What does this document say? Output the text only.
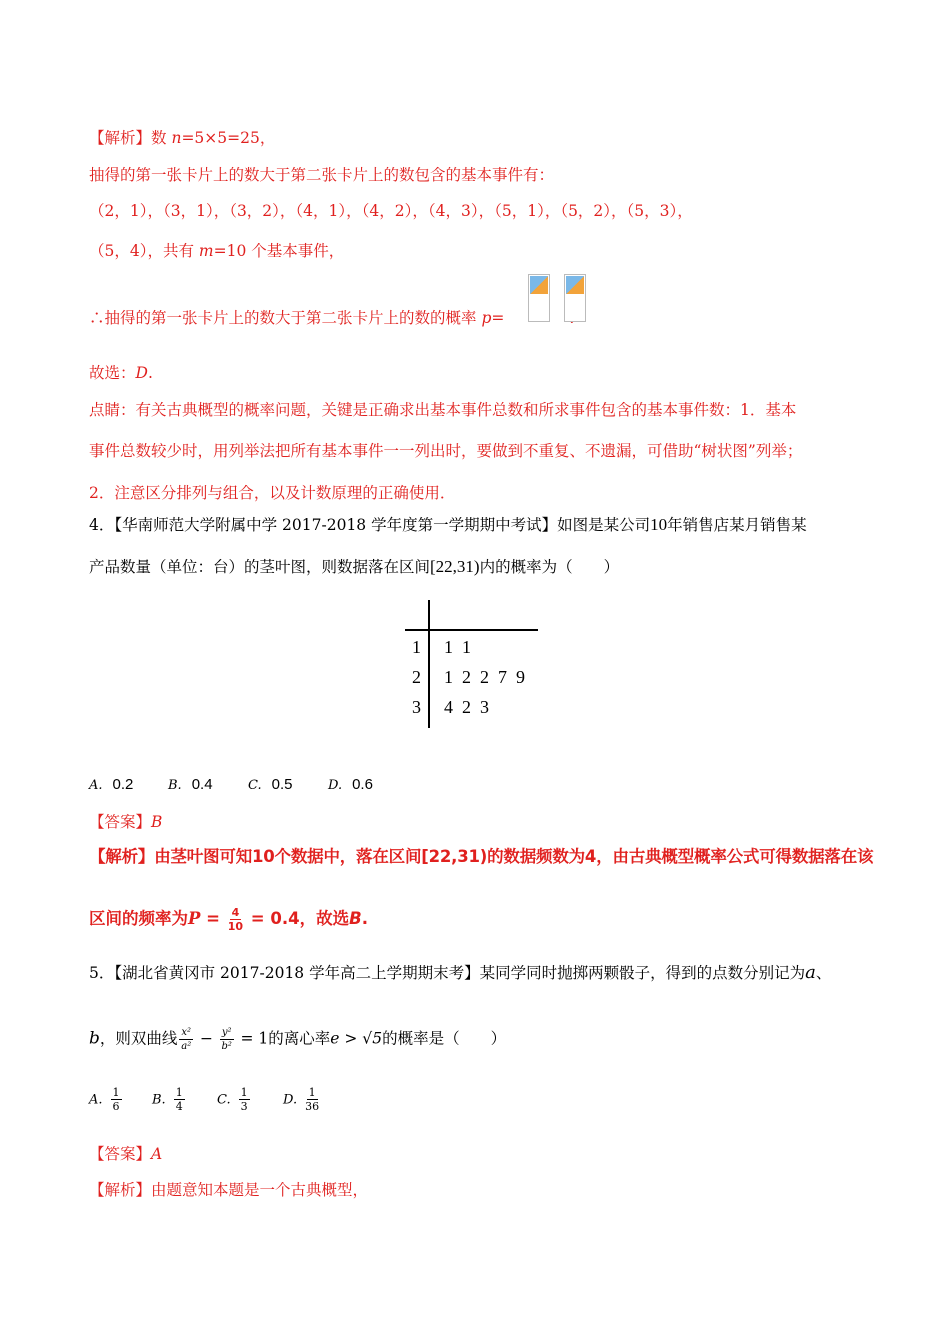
【解析】数 n=5×5=25，
抽得的第一张卡片上的数大于第二张卡片上的数包含的基本事件有：
（2，1），（3，1），（3，2），（4，1），（4，2），（4，3），（5，1），（5，2），（5，3），
（5，4），共有 m=10 个基本事件，
∴抽得的第一张卡片上的数大于第二张卡片上的数的概率 p=
故选：D.
点睛：有关古典概型的概率问题，关键是正确求出基本事件总数和所求事件包含的基本事件数：1．基本
事件总数较少时，用列举法把所有基本事件一一列出时，要做到不重复、不遗漏，可借助“树状图”列举；
2．注意区分排列与组合，以及计数原理的正确使用．
4．【华南师范大学附属中学 2017-2018 学年度第一学期期中考试】如图是某公司10年销售店某月销售某
产品数量（单位：台）的茎叶图，则数据落在区间[22,31)内的概率为（　　）
1 1  1
2 1  2  2  7  9
3 4  2  3
A. 0.2	B. 0.4	C. 0.5	D. 0.6
【答案】B
【解析】由茎叶图可知10个数据中，落在区间[22,31)的数据频数为4，由古典概型概率公式可得数据落在该
区间的频率为$P = \frac{4}{10} = 0.4$，故选B.
5．【湖北省黄冈市 2017-2018 学年高二上学期期末考】某同学同时抛掷两颗骰子，得到的点数分别记为a、
b，则双曲线 $\frac{\text{x²}}{\text{a²}} - \frac{\text{y²}}{\text{b²}} = 1$的离心率e > √5的概率是（　　）
A. $\frac{1}{6} B$. $\frac{1}{4} C$. $\frac{1}{3}$	D. $\frac{1}{36}$
【答案】A
【解析】由题意知本题是一个古典概型，
